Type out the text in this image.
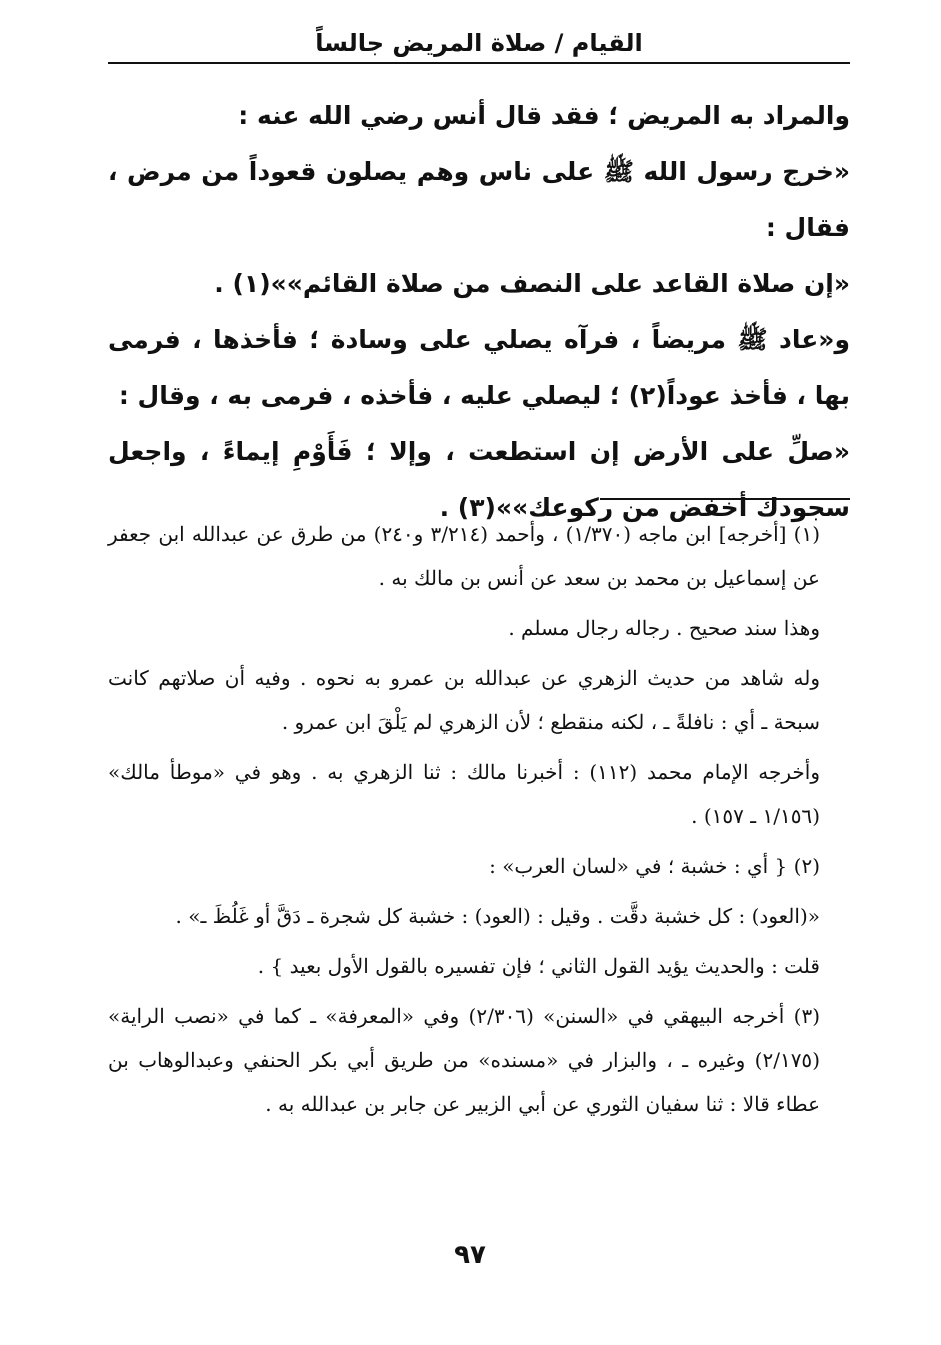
القيام / صلاة المريض جالساً

والمراد به المريض ؛ فقد قال أنس رضي الله عنه :

«خرج رسول الله ﷺ على ناس وهم يصلون قعوداً من مرض ، فقال :

«إن صلاة القاعد على النصف من صلاة القائم»»(١) .

و«عاد ﷺ مريضاً ، فرآه يصلي على وسادة ؛ فأخذها ، فرمى بها ، فأخذ عوداً(٢) ؛ ليصلي عليه ، فأخذه ، فرمى به ، وقال :

«صلِّ على الأرض إن استطعت ، وإلا ؛ فَأَوْمِ إيماءً ، واجعل سجودك أخفض من ركوعك»»(٣) .

(١) [أخرجه] ابن ماجه (١/٣٧٠) ، وأحمد (٣/٢١٤ و٢٤٠) من طرق عن عبدالله ابن جعفر عن إسماعيل بن محمد بن سعد عن أنس بن مالك به .

وهذا سند صحيح . رجاله رجال مسلم .

وله شاهد من حديث الزهري عن عبدالله بن عمرو به نحوه . وفيه أن صلاتهم كانت سبحة ـ أي : نافلةً ـ ، لكنه منقطع ؛ لأن الزهري لم يَلْقَ ابن عمرو .

وأخرجه الإمام محمد (١١٢) : أخبرنا مالك : ثنا الزهري به . وهو في «موطأ مالك» (١/١٥٦ ـ ١٥٧) .

(٢) { أي : خشبة ؛ في «لسان العرب» :

«(العود) : كل خشبة دقَّت . وقيل : (العود) : خشبة كل شجرة ـ دَقَّ أو غَلُظَ ـ» .

قلت : والحديث يؤيد القول الثاني ؛ فإن تفسيره بالقول الأول بعيد } .

(٣) أخرجه البيهقي في «السنن» (٢/٣٠٦) وفي «المعرفة» ـ كما في «نصب الراية» (٢/١٧٥) وغيره ـ ، والبزار في «مسنده» من طريق أبي بكر الحنفي وعبدالوهاب بن عطاء قالا : ثنا سفيان الثوري عن أبي الزبير عن جابر بن عبدالله به .

٩٧
